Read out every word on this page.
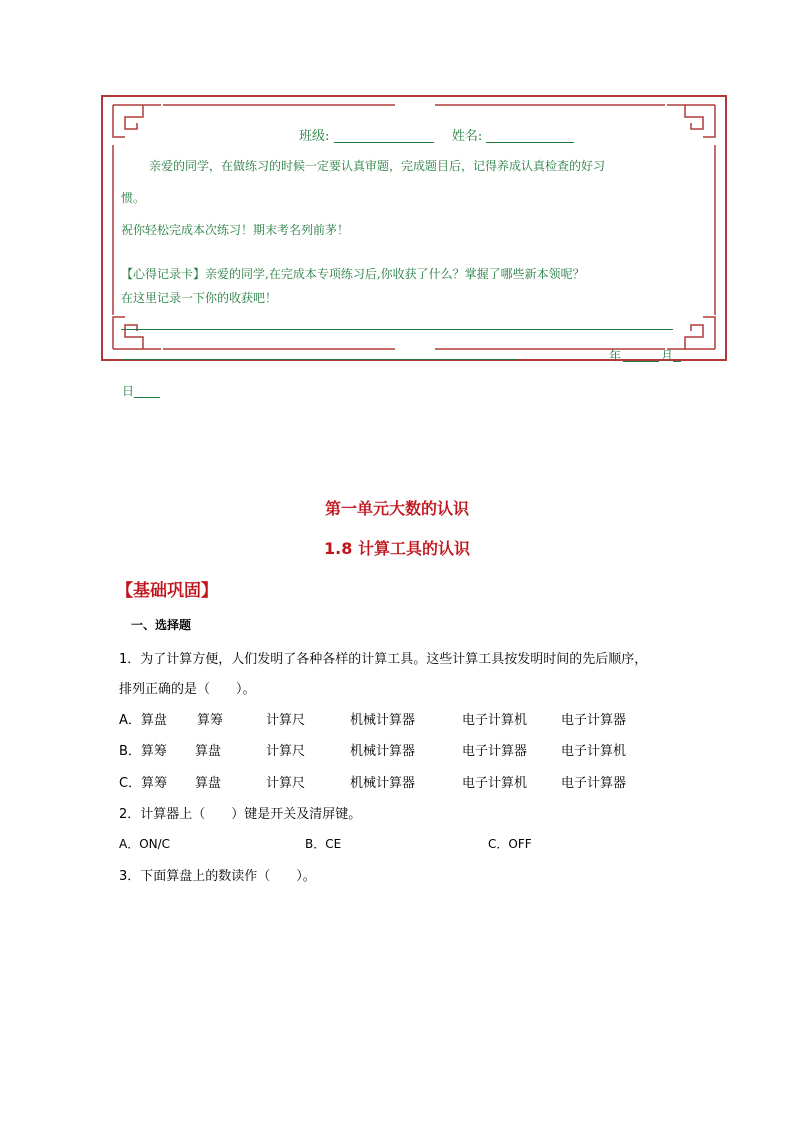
班级:	姓名:
亲爱的同学，在做练习的时候一定要认真审题，完成题目后，记得养成认真检查的好习
惯。
祝你轻松完成本次练习！期末考名列前茅！
【心得记录卡】亲爱的同学,在完成本专项练习后,你收获了什么？掌握了哪些新本领呢？
在这里记录一下你的收获吧！
年	月
日
第一单元大数的认识
1.8 计算工具的认识
【基础巩固】
一、选择题
1．为了计算方便，人们发明了各种各样的计算工具。这些计算工具按发明时间的先后顺序，
排列正确的是（　　）。
A．算盘 算筹	计算尺	机械计算器	电子计算机	电子计算器
B．算筹 算盘	计算尺	机械计算器	电子计算器	电子计算机
C．算筹 算盘	计算尺	机械计算器	电子计算机	电子计算器
2．计算器上（　　）键是开关及清屏键。
A．ON/C	B．CE	C．OFF
3．下面算盘上的数读作（　　）。
